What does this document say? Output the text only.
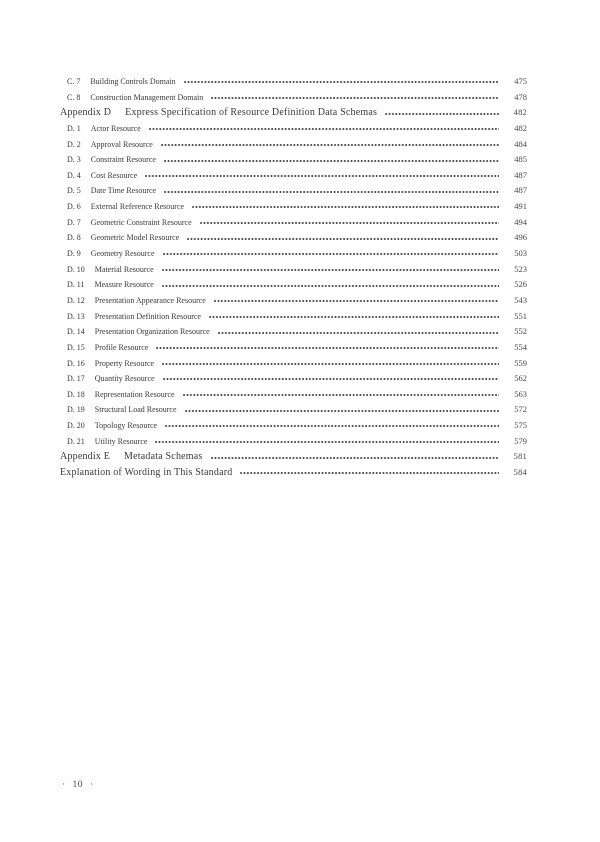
C. 7 Building Controls Domain	475
C. 8 Construction Management Domain	478
Appendix D Express Specification of Resource Definition Data Schemas	482
D. 1 Actor Resource	482
D. 2 Approval Resource	484
D. 3 Constraint Resource	485
D. 4 Cost Resource	487
D. 5 Date Time Resource	487
D. 6 External Reference Resource	491
D. 7 Geometric Constraint Resource	494
D. 8 Geometric Model Resource	496
D. 9 Geometry Resource	503
D. 10 Material Resource	523
D. 11 Measure Resource	526
D. 12 Presentation Appearance Resource	543
D. 13 Presentation Definition Resource	551
D. 14 Presentation Organization Resource	552
D. 15 Profile Resource	554
D. 16 Property Resource	559
D. 17 Quantity Resource	562
D. 18 Representation Resource	563
D. 19 Structural Load Resource	572
D. 20 Topology Resource	575
D. 21 Utility Resource	579
Appendix E Metadata Schemas	581
Explanation of Wording in This Standard	584
· 10 ·
